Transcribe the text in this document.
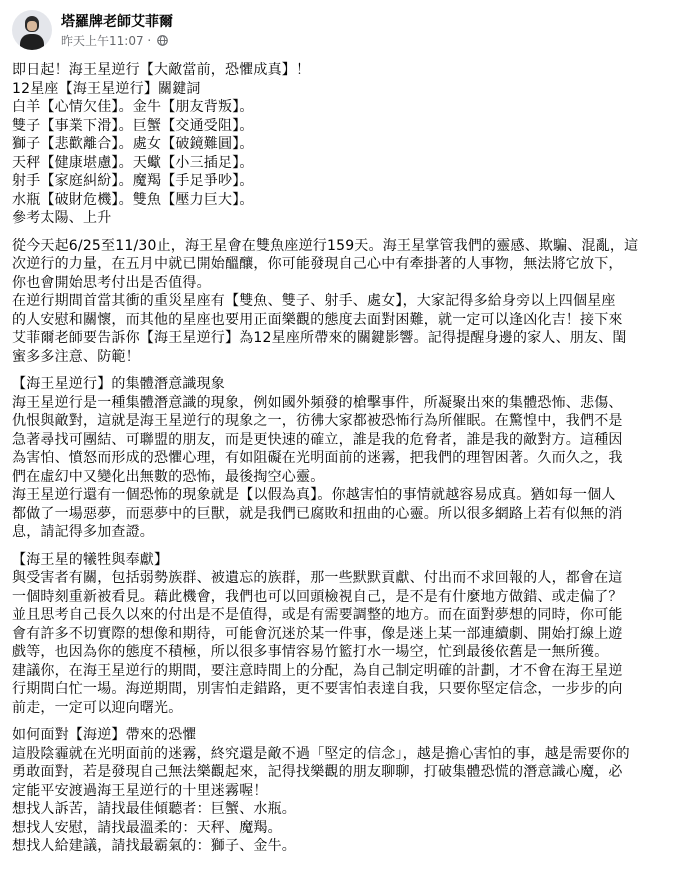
塔羅牌老師艾菲爾
昨天上午11:07 ·
即日起！海王星逆行【大敵當前，恐懼成真】！
12星座【海王星逆行】關鍵詞
白羊【心情欠佳】。金牛【朋友背叛】。
雙子【事業下滑】。巨蟹【交通受阻】。
獅子【悲歡離合】。處女【破鏡難圓】。
天秤【健康堪慮】。天蠍【小三插足】。
射手【家庭糾紛】。魔羯【手足爭吵】。
水瓶【破財危機】。雙魚【壓力巨大】。
參考太陽、上升
從今天起6/25至11/30止，海王星會在雙魚座逆行159天。海王星掌管我們的靈感、欺騙、混亂，這
次逆行的力量，在五月中就已開始醞釀，你可能發現自己心中有牽掛著的人事物，無法將它放下，
你也會開始思考付出是否值得。
在逆行期間首當其衝的重災星座有【雙魚、雙子、射手、處女】，大家記得多給身旁以上四個星座
的人安慰和關懷，而其他的星座也要用正面樂觀的態度去面對困難，就一定可以逢凶化吉！接下來
艾菲爾老師要告訴你【海王星逆行】為12星座所帶來的關鍵影響。記得提醒身邊的家人、朋友、閨
蜜多多注意、防範！
【海王星逆行】的集體潛意識現象
海王星逆行是一種集體潛意識的現象，例如國外頻發的槍擊事件，所凝聚出來的集體恐怖、悲傷、
仇恨與敵對，這就是海王星逆行的現象之一，彷彿大家都被恐怖行為所催眠。在驚惶中，我們不是
急著尋找可團結、可聯盟的朋友，而是更快速的確立，誰是我的危脅者，誰是我的敵對方。這種因
為害怕、憤怒而形成的恐懼心理，有如阻礙在光明面前的迷霧，把我們的理智困著。久而久之，我
們在虛幻中又變化出無數的恐怖，最後掏空心靈。
海王星逆行還有一個恐怖的現象就是【以假為真】。你越害怕的事情就越容易成真。猶如每一個人
都做了一場惡夢，而惡夢中的巨獸，就是我們已腐敗和扭曲的心靈。所以很多網路上若有似無的消
息，請記得多加查證。
【海王星的犧牲與奉獻】
與受害者有關，包括弱勢族群、被遺忘的族群，那一些默默貢獻、付出而不求回報的人，都會在這
一個時刻重新被看見。藉此機會，我們也可以回頭檢視自己，是不是有什麼地方做錯、或走偏了？
並且思考自己長久以來的付出是不是值得，或是有需要調整的地方。而在面對夢想的同時，你可能
會有許多不切實際的想像和期待，可能會沉迷於某一件事，像是迷上某一部連續劇、開始打線上遊
戲等，也因為你的態度不積極，所以很多事情容易竹籃打水一場空，忙到最後依舊是一無所獲。
建議你，在海王星逆行的期間，要注意時間上的分配，為自己制定明確的計劃，才不會在海王星逆
行期間白忙一場。海逆期間，別害怕走錯路，更不要害怕表達自我，只要你堅定信念，一步步的向
前走，一定可以迎向曙光。
如何面對【海逆】帶來的恐懼
這股陰霾就在光明面前的迷霧，終究還是敵不過「堅定的信念」，越是擔心害怕的事，越是需要你的
勇敢面對，若是發現自己無法樂觀起來，記得找樂觀的朋友聊聊，打破集體恐慌的潛意識心魔，必
定能平安渡過海王星逆行的十里迷霧喔！
想找人訴苦，請找最佳傾聽者：巨蟹、水瓶。
想找人安慰，請找最溫柔的：天秤、魔羯。
想找人給建議，請找最霸氣的：獅子、金牛。
